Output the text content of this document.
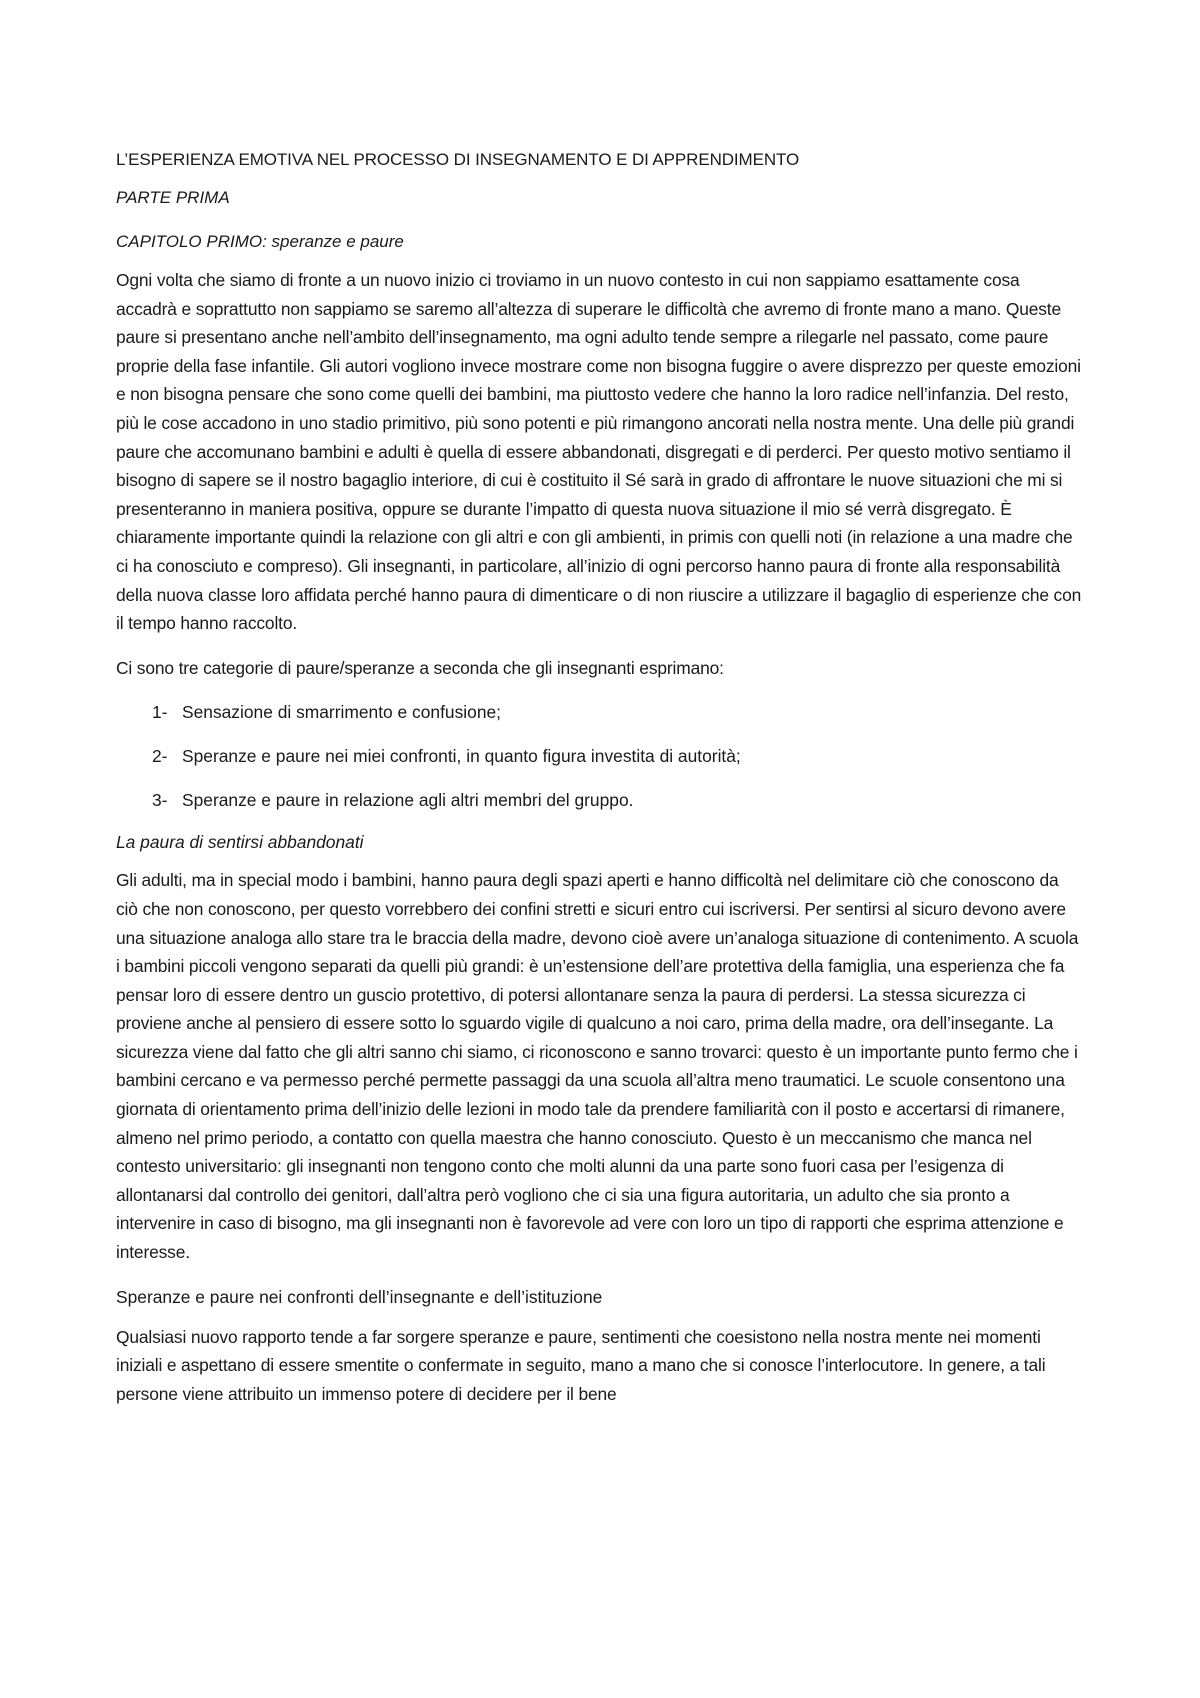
L’ESPERIENZA EMOTIVA NEL PROCESSO DI INSEGNAMENTO E DI APPRENDIMENTO
PARTE PRIMA
CAPITOLO PRIMO: speranze e paure

Ogni volta che siamo di fronte a un nuovo inizio ci troviamo in un nuovo contesto in cui non sappiamo esattamente cosa accadrà e soprattutto non sappiamo se saremo all’altezza di superare le difficoltà che avremo di fronte mano a mano. Queste paure si presentano anche nell’ambito dell’insegnamento, ma ogni adulto tende sempre a rilegarle nel passato, come paure proprie della fase infantile. Gli autori vogliono invece mostrare come non bisogna fuggire o avere disprezzo per queste emozioni e non bisogna pensare che sono come quelli dei bambini, ma piuttosto vedere che hanno la loro radice nell’infanzia. Del resto, più le cose accadono in uno stadio primitivo, più sono potenti e più rimangono ancorati nella nostra mente. Una delle più grandi paure che accomunano bambini e adulti è quella di essere abbandonati, disgregati e di perderci. Per questo motivo sentiamo il bisogno di sapere se il nostro bagaglio interiore, di cui è costituito il Sé sarà in grado di affrontare le nuove situazioni che mi si presenteranno in maniera positiva, oppure se durante l’impatto di questa nuova situazione il mio sé verrà disgregato. È chiaramente importante quindi la relazione con gli altri e con gli ambienti, in primis con quelli noti (in relazione a una madre che ci ha conosciuto e compreso). Gli insegnanti, in particolare, all’inizio di ogni percorso hanno paura di fronte alla responsabilità della nuova classe loro affidata perché hanno paura di dimenticare o di non riuscire a utilizzare il bagaglio di esperienze che con il tempo hanno raccolto.

Ci sono tre categorie di paure/speranze a seconda che gli insegnanti esprimano:

1- Sensazione di smarrimento e confusione;
2- Speranze e paure nei miei confronti, in quanto figura investita di autorità;
3- Speranze e paure in relazione agli altri membri del gruppo.
La paura di sentirsi abbandonati

Gli adulti, ma in special modo i bambini, hanno paura degli spazi aperti e hanno difficoltà nel delimitare ciò che conoscono da ciò che non conoscono, per questo vorrebbero dei confini stretti e sicuri entro cui iscriversi. Per sentirsi al sicuro devono avere una situazione analoga allo stare tra le braccia della madre, devono cioè avere un’analoga situazione di contenimento. A scuola i bambini piccoli vengono separati da quelli più grandi: è un’estensione dell’are protettiva della famiglia, una esperienza che fa pensar loro di essere dentro un guscio protettivo, di potersi allontanare senza la paura di perdersi. La stessa sicurezza ci proviene anche al pensiero di essere sotto lo sguardo vigile di qualcuno a noi caro, prima della madre, ora dell’insegante. La sicurezza viene dal fatto che gli altri sanno chi siamo, ci riconoscono e sanno trovarci: questo è un importante punto fermo che i bambini cercano e va permesso perché permette passaggi da una scuola all’altra meno traumatici. Le scuole consentono una giornata di orientamento prima dell’inizio delle lezioni in modo tale da prendere familiarità con il posto e accertarsi di rimanere, almeno nel primo periodo, a contatto con quella maestra che hanno conosciuto. Questo è un meccanismo che manca nel contesto universitario: gli insegnanti non tengono conto che molti alunni da una parte sono fuori casa per l’esigenza di allontanarsi dal controllo dei genitori, dall’altra però vogliono che ci sia una figura autoritaria, un adulto che sia pronto a intervenire in caso di bisogno, ma gli insegnanti non è favorevole ad vere con loro un tipo di rapporti che esprima attenzione e interesse.

Speranze e paure nei confronti dell’insegnante e dell’istituzione

Qualsiasi nuovo rapporto tende a far sorgere speranze e paure, sentimenti che coesistono nella nostra mente nei momenti iniziali e aspettano di essere smentite o confermate in seguito, mano a mano che si conosce l’interlocutore. In genere, a tali persone viene attribuito un immenso potere di decidere per il bene
